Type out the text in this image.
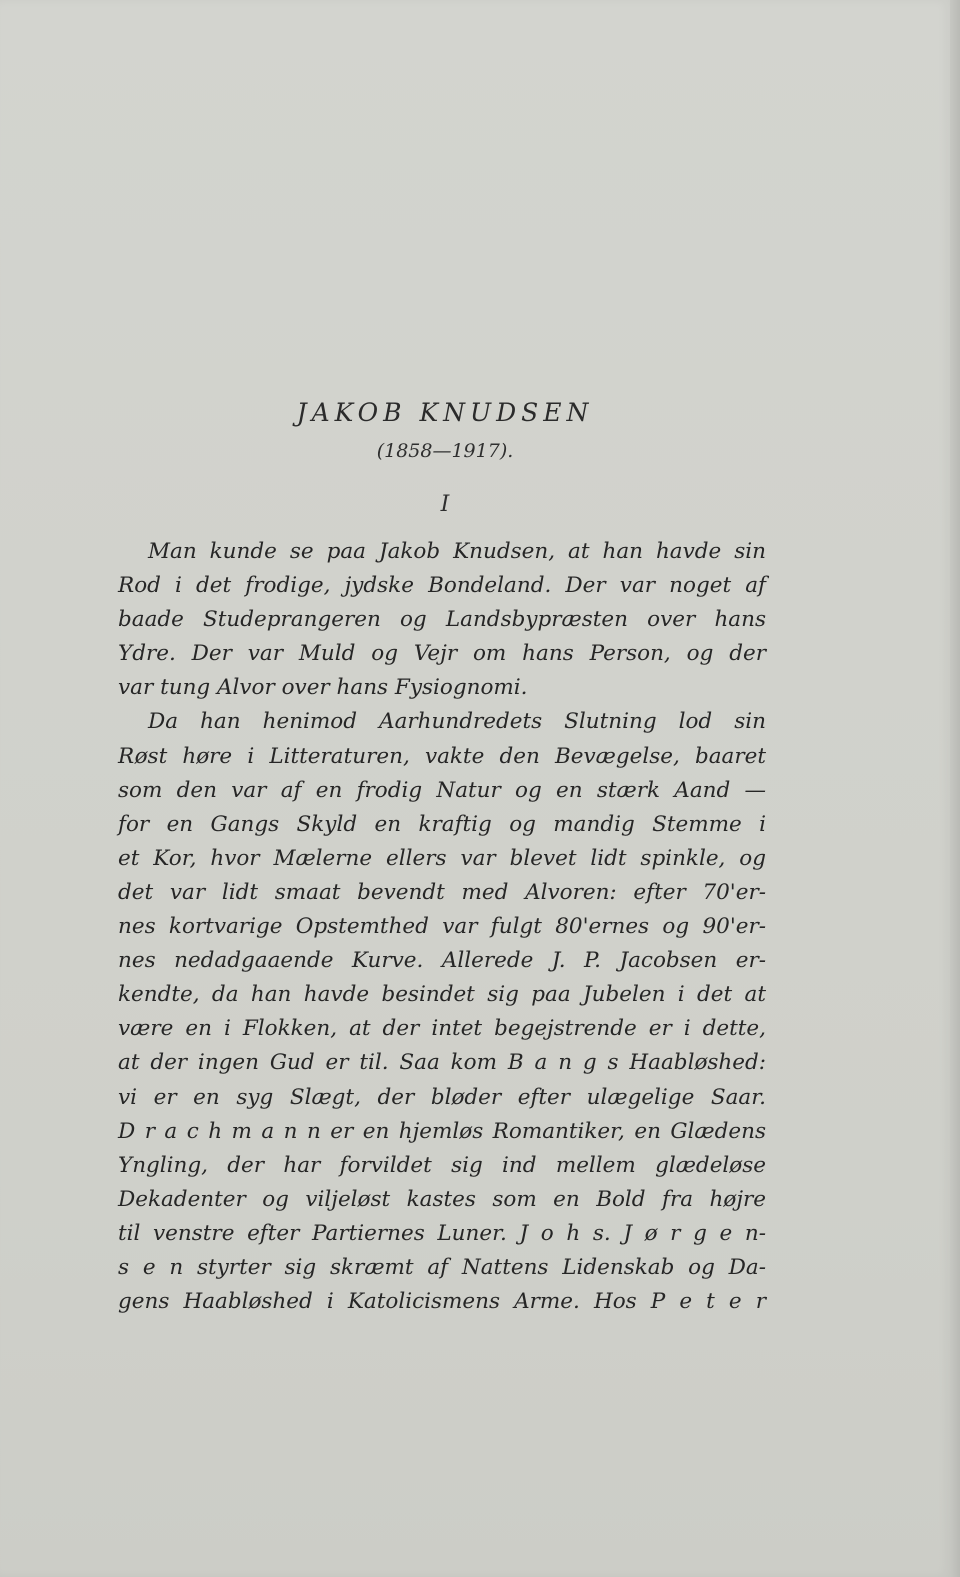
JAKOB KNUDSEN
(1858—1917).
I
Man kunde se paa Jakob Knudsen, at han havde sin
Rod i det frodige, jydske Bondeland. Der var noget af
baade Studeprangeren og Landsbypræsten over hans
Ydre. Der var Muld og Vejr om hans Person, og der
var tung Alvor over hans Fysiognomi.
Da han henimod Aarhundredets Slutning lod sin
Røst høre i Litteraturen, vakte den Bevægelse, baaret
som den var af en frodig Natur og en stærk Aand —
for en Gangs Skyld en kraftig og mandig Stemme i
et Kor, hvor Mælerne ellers var blevet lidt spinkle, og
det var lidt smaat bevendt med Alvoren: efter 70'er-
nes kortvarige Opstemthed var fulgt 80'ernes og 90'er-
nes nedadgaaende Kurve. Allerede J. P. Jacobsen er-
kendte, da han havde besindet sig paa Jubelen i det at
være en i Flokken, at der intet begejstrende er i dette,
at der ingen Gud er til. Saa kom B a n g s Haabløshed:
vi er en syg Slægt, der bløder efter ulægelige Saar.
D r a c h m a n n er en hjemløs Romantiker, en Glædens
Yngling, der har forvildet sig ind mellem glædeløse
Dekadenter og viljeløst kastes som en Bold fra højre
til venstre efter Partiernes Luner. J o h s. J ø r g e n-
s e n styrter sig skræmt af Nattens Lidenskab og Da-
gens Haabløshed i Katolicismens Arme. Hos P e t e r
